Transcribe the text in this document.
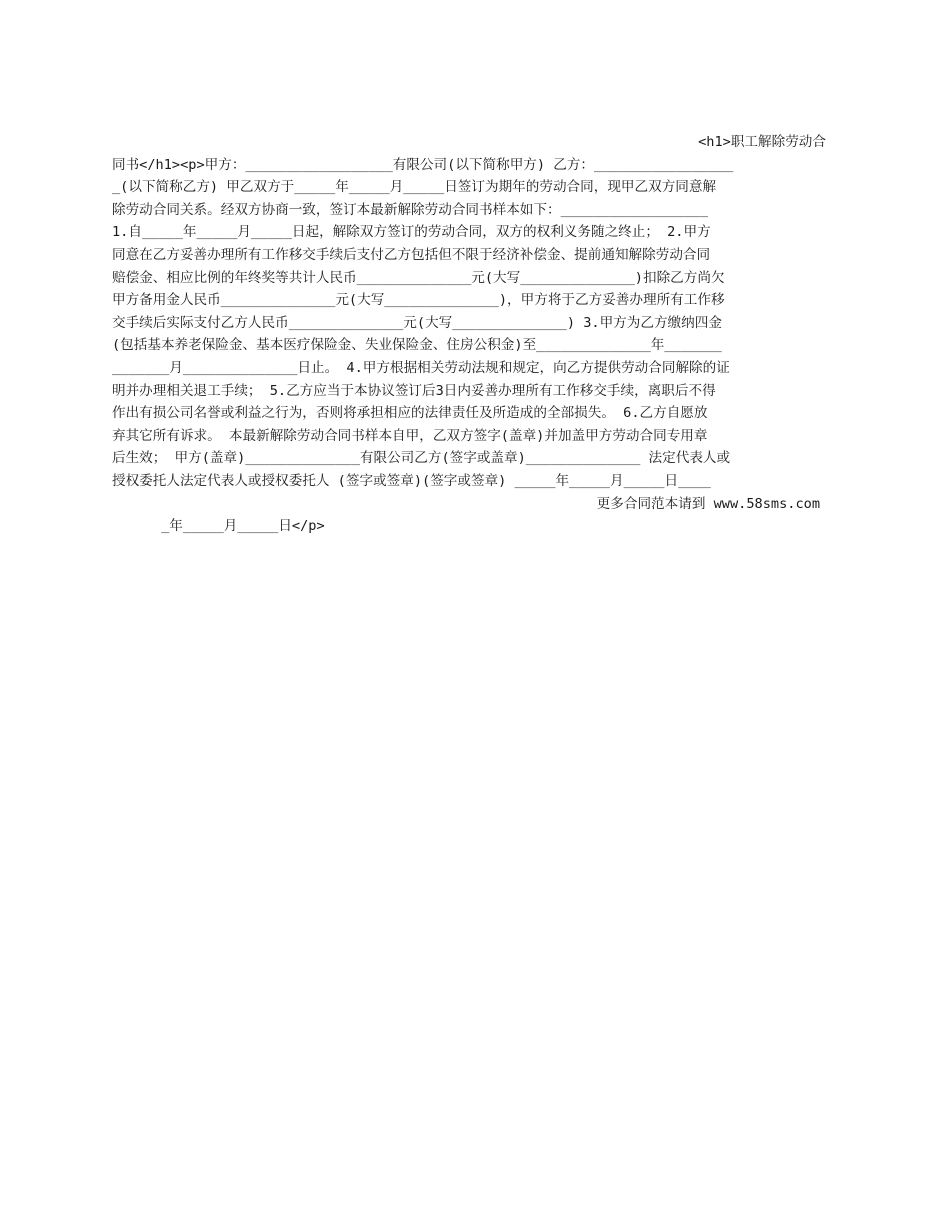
<h1>职工解除劳动合
同书</h1><p>甲方：__________________有限公司(以下简称甲方) 乙方：_________________
_(以下简称乙方) 甲乙双方于_____年_____月_____日签订为期年的劳动合同，现甲乙双方同意解
除劳动合同关系。经双方协商一致，签订本最新解除劳动合同书样本如下：__________________
1.自_____年_____月_____日起，解除双方签订的劳动合同，双方的权利义务随之终止； 2.甲方
同意在乙方妥善办理所有工作移交手续后支付乙方包括但不限于经济补偿金、提前通知解除劳动合同
赔偿金、相应比例的年终奖等共计人民币______________元(大写______________)扣除乙方尚欠
甲方备用金人民币______________元(大写______________)，甲方将于乙方妥善办理所有工作移
交手续后实际支付乙方人民币______________元(大写______________) 3.甲方为乙方缴纳四金
(包括基本养老保险金、基本医疗保险金、失业保险金、住房公积金)至______________年_______
_______月______________日止。 4.甲方根据相关劳动法规和规定，向乙方提供劳动合同解除的证
明并办理相关退工手续； 5.乙方应当于本协议签订后3日内妥善办理所有工作移交手续，离职后不得
作出有损公司名誉或利益之行为，否则将承担相应的法律责任及所造成的全部损失。 6.乙方自愿放
弃其它所有诉求。 本最新解除劳动合同书样本自甲，乙双方签字(盖章)并加盖甲方劳动合同专用章
后生效； 甲方(盖章)______________有限公司乙方(签字或盖章)______________ 法定代表人或
授权委托人法定代表人或授权委托人 (签字或签章)(签字或签章) _____年_____月_____日____

_年_____月_____日</p>

更多合同范本请到 www.58sms.com
